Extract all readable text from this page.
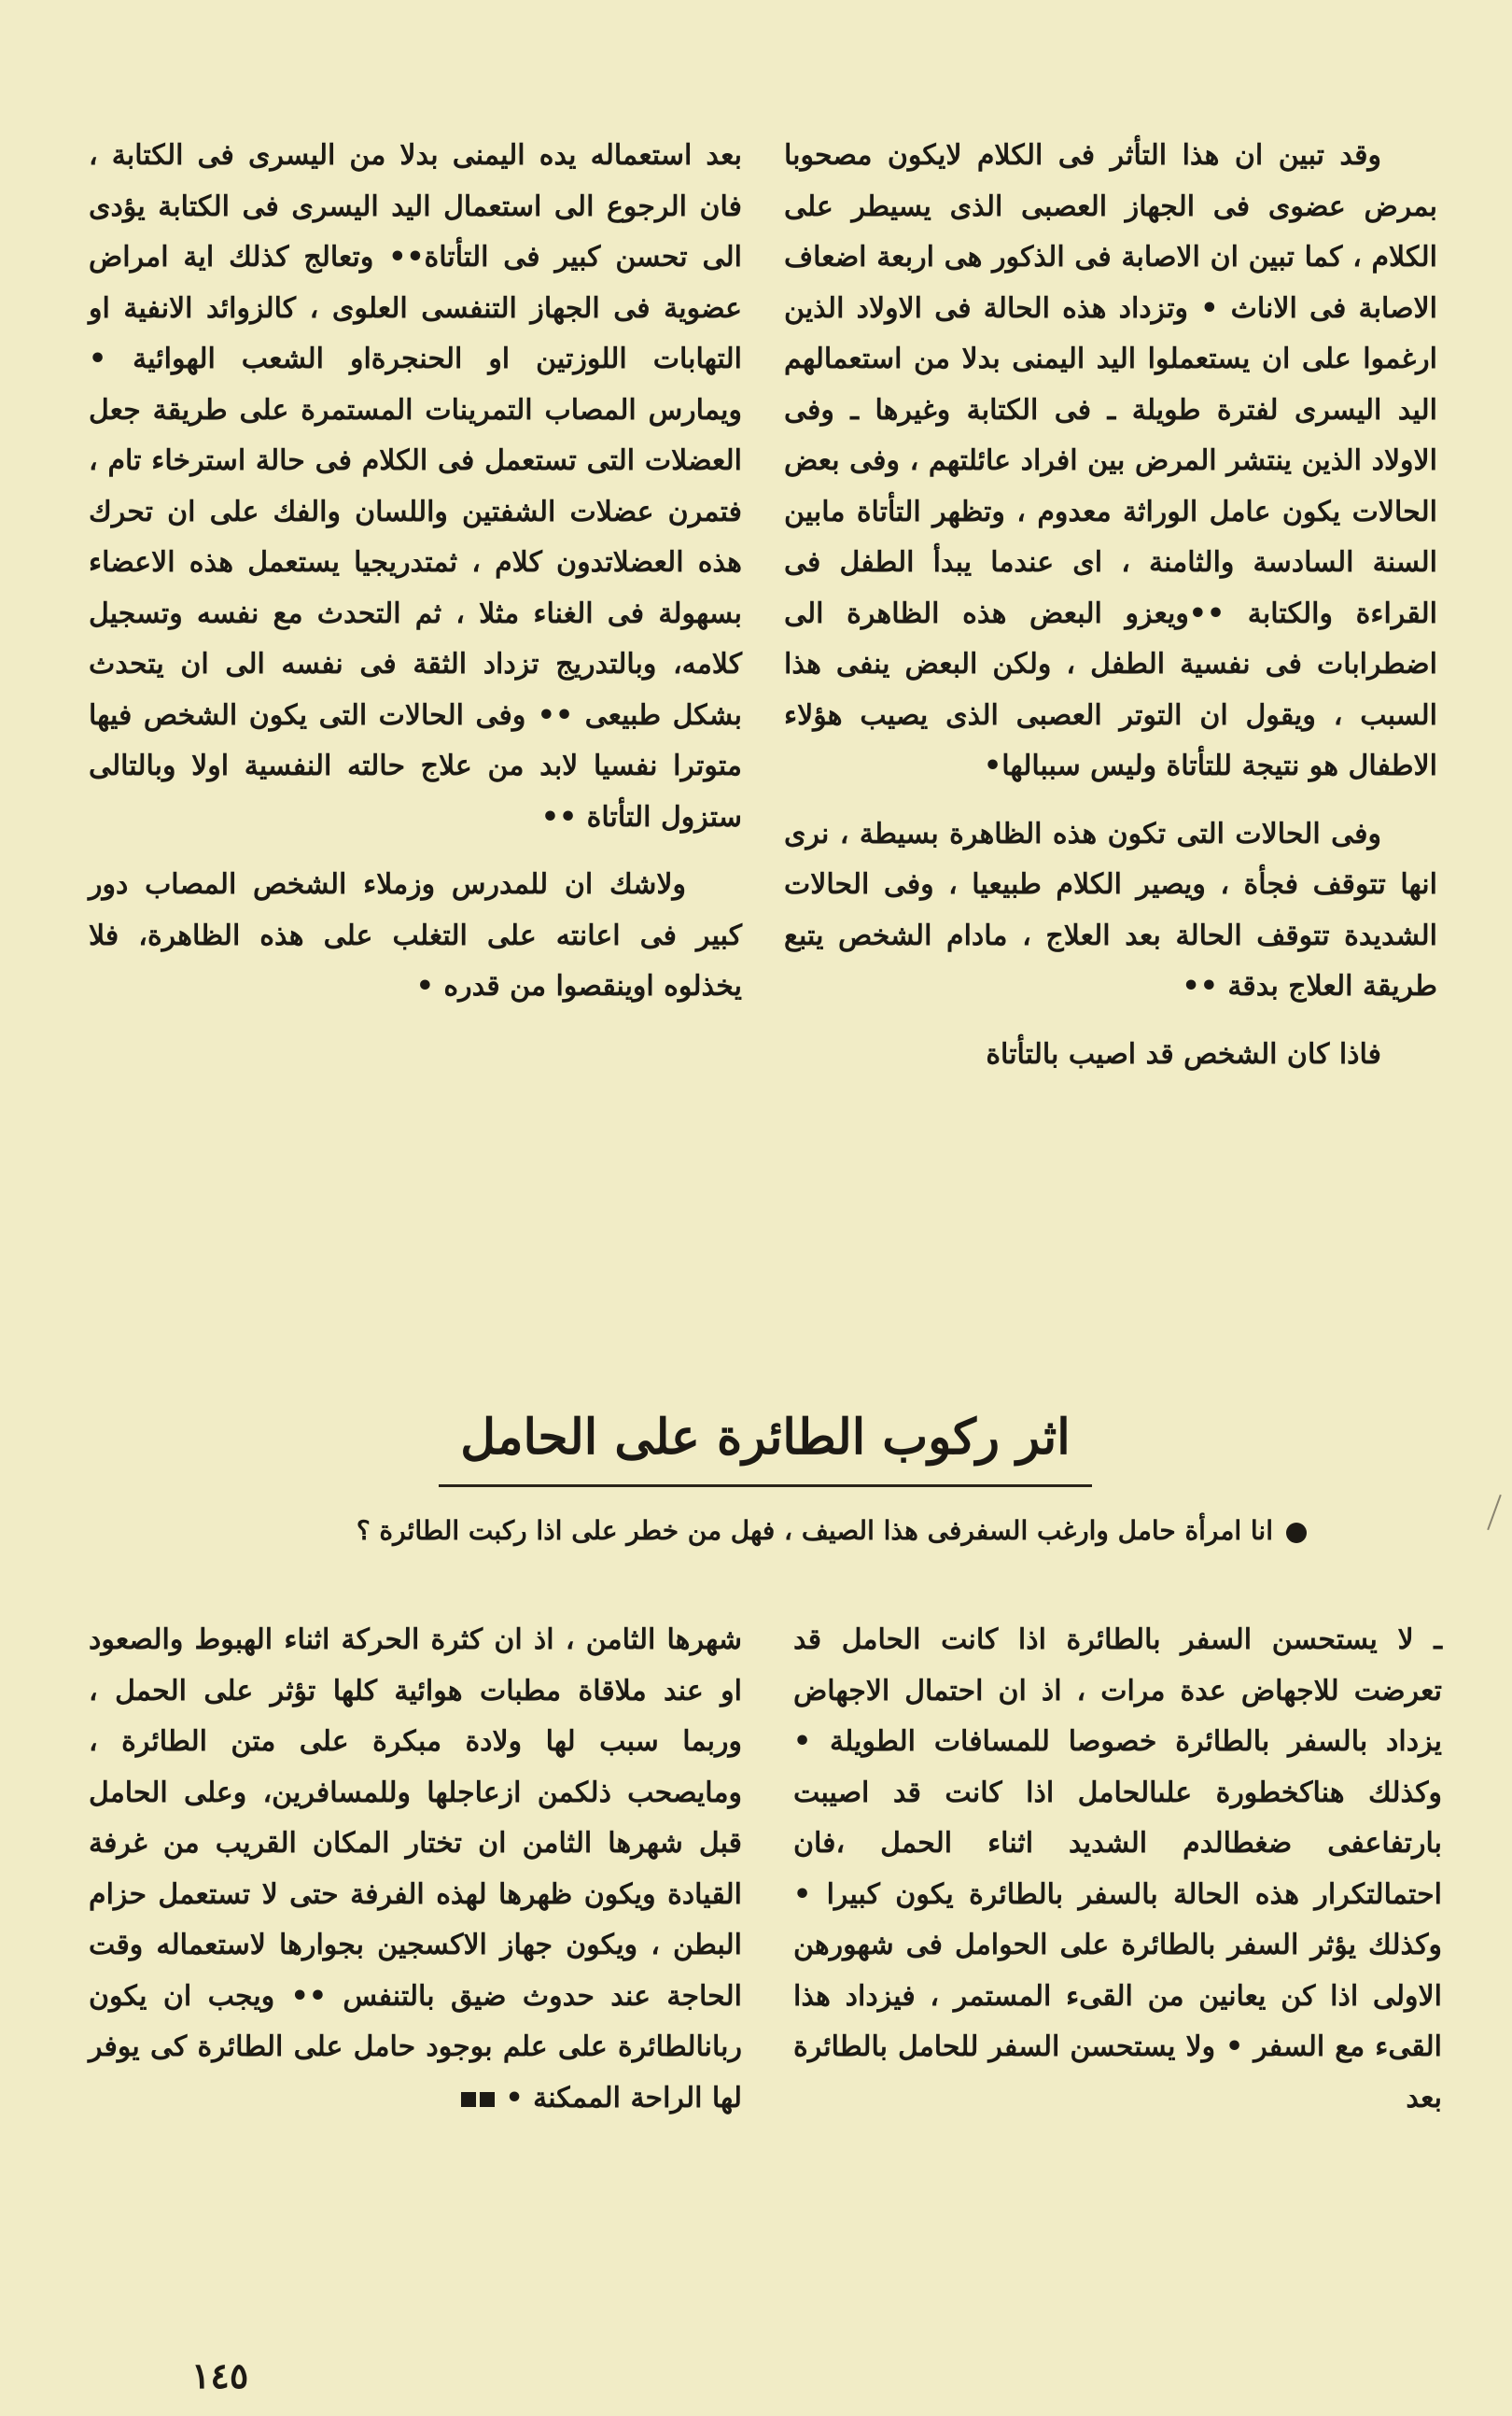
وقد تبين ان هذا التأثر فى الكلام لايكون مصحوبا بمرض عضوى فى الجهاز العصبى الذى يسيطر على الكلام ، كما تبين ان الاصابة فى الذكور هى اربعة اضعاف الاصابة فى الاناث • وتزداد هذه الحالة فى الاولاد الذين ارغموا على ان يستعملوا اليد اليمنى بدلا من استعمالهم اليد اليسرى لفترة طويلة ـ فى الكتابة وغيرها ـ وفى الاولاد الذين ينتشر المرض بين افراد عائلتهم ، وفى بعض الحالات يكون عامل الوراثة معدوم ، وتظهر التأتاة مابين السنة السادسة والثامنة ، اى عندما يبدأ الطفل فى القراءة والكتابة ••ويعزو البعض هذه الظاهرة الى اضطرابات فى نفسية الطفل ، ولكن البعض ينفى هذا السبب ، ويقول ان التوتر العصبى الذى يصيب هؤلاء الاطفال هو نتيجة للتأتاة وليس سببالها•

وفى الحالات التى تكون هذه الظاهرة بسيطة ، نرى انها تتوقف فجأة ، ويصير الكلام طبيعيا ، وفى الحالات الشديدة تتوقف الحالة بعد العلاج ، مادام الشخص يتبع طريقة العلاج بدقة ••

فاذا كان الشخص قد اصيب بالتأتاة

بعد استعماله يده اليمنى بدلا من اليسرى فى الكتابة ، فان الرجوع الى استعمال اليد اليسرى فى الكتابة يؤدى الى تحسن كبير فى التأتاة•• وتعالج كذلك اية امراض عضوية فى الجهاز التنفسى العلوى ، كالزوائد الانفية او التهابات اللوزتين او الحنجرةاو الشعب الهوائية • ويمارس المصاب التمرينات المستمرة على طريقة جعل العضلات التى تستعمل فى الكلام فى حالة استرخاء تام ، فتمرن عضلات الشفتين واللسان والفك على ان تحرك هذه العضلاتدون كلام ، ثمتدريجيا يستعمل هذه الاعضاء بسهولة فى الغناء مثلا ، ثم التحدث مع نفسه وتسجيل كلامه، وبالتدريج تزداد الثقة فى نفسه الى ان يتحدث بشكل طبيعى •• وفى الحالات التى يكون الشخص فيها متوترا نفسيا لابد من علاج حالته النفسية اولا وبالتالى ستزول التأتاة ••

ولاشك ان للمدرس وزملاء الشخص المصاب دور كبير فى اعانته على التغلب على هذه الظاهرة، فلا يخذلوه اوينقصوا من قدره •

اثر ركوب الطائرة على الحامل
انا امرأة حامل وارغب السفرفى هذا الصيف ، فهل من خطر على اذا ركبت الطائرة ؟

ـ لا يستحسن السفر بالطائرة اذا كانت الحامل قد تعرضت للاجهاض عدة مرات ، اذ ان احتمال الاجهاض يزداد بالسفر بالطائرة خصوصا للمسافات الطويلة • وكذلك هناكخطورة علىالحامل اذا كانت قد اصيبت بارتفاعفى ضغطالدم الشديد اثناء الحمل ،فان احتمالتكرار هذه الحالة بالسفر بالطائرة يكون كبيرا • وكذلك يؤثر السفر بالطائرة على الحوامل فى شهورهن الاولى اذا كن يعانين من القىء المستمر ، فيزداد هذا القىء مع السفر • ولا يستحسن السفر للحامل بالطائرة بعد

شهرها الثامن ، اذ ان كثرة الحركة اثناء الهبوط والصعود او عند ملاقاة مطبات هوائية كلها تؤثر على الحمل ، وربما سبب لها ولادة مبكرة على متن الطائرة ، ومايصحب ذلكمن ازعاجلها وللمسافرين، وعلى الحامل قبل شهرها الثامن ان تختار المكان القريب من غرفة القيادة ويكون ظهرها لهذه الفرفة حتى لا تستعمل حزام البطن ، ويكون جهاز الاكسجين بجوارها لاستعماله وقت الحاجة عند حدوث ضيق بالتنفس •• ويجب ان يكون ربانالطائرة على علم بوجود حامل على الطائرة كى يوفر لها الراحة الممكنة •

١٤٥
